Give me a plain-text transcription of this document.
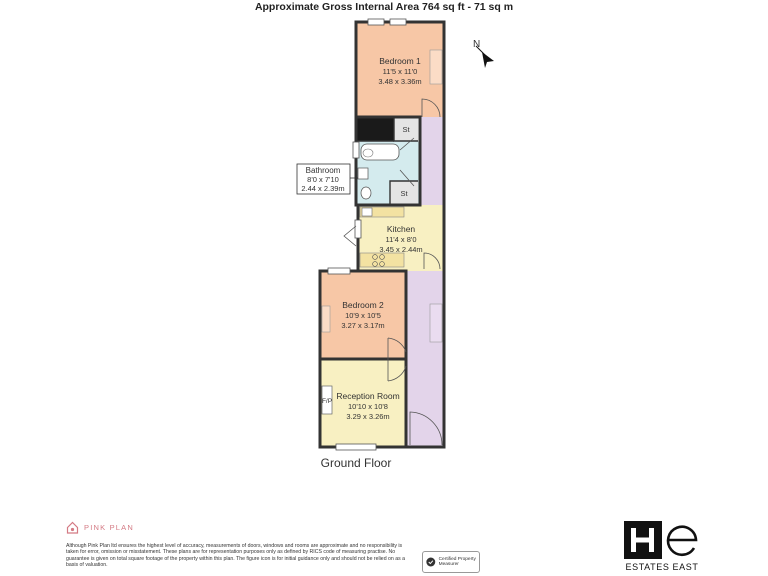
Approximate Gross Internal Area 764 sq ft - 71 sq m
N
Bedroom 1
11'5 x 11'0
3.48 x 3.36m
Bathroom
8'0 x 7'10
2.44 x 2.39m
Kitchen
11'4 x 8'0
3.45 x 2.44m
Bedroom 2
10'9 x 10'5
3.27 x 3.17m
Reception Room
10'10 x 10'8
3.29 x 3.26m
St
St
F/P
Ground Floor
PINK PLAN
Although Pink Plan ltd ensures the highest level of accuracy, measurements of doors, windows and rooms are approximate and no responsibility is taken for error, omission or misstatement. These plans are for representation purposes only as defined by RICS code of measuring practise. No guarantee is given on total square footage of the property within this plan. The figure icon is for initial guidance only and should not be relied on as a basis of valuation.
Certified Property Measurer	ESTATES EAST
